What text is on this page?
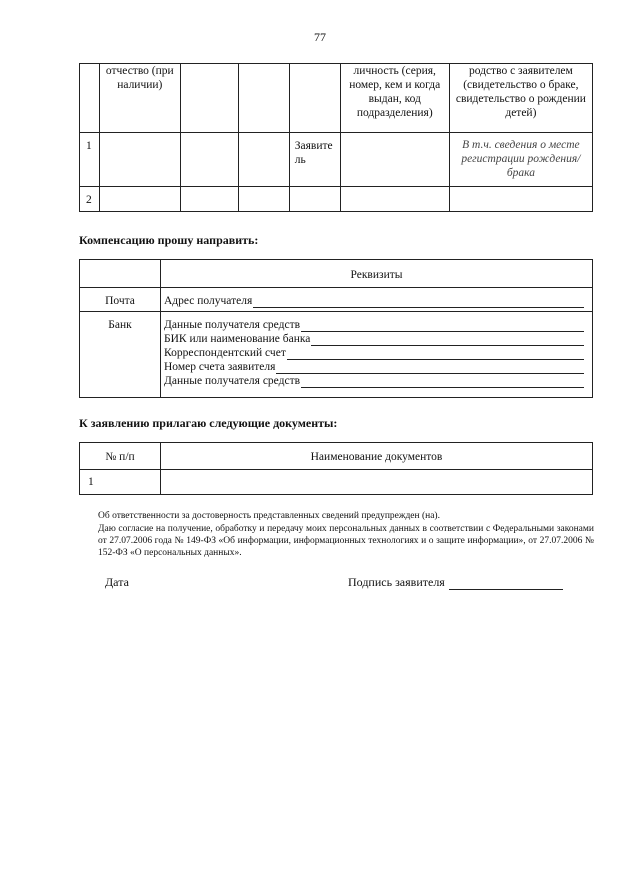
77
	отчество (при наличии)				личность (серия, номер, кем и когда выдан, код подразделения)	родство с заявителем (свидетельство о браке, свидетельство о рождении детей)
1				Заявитель		В т.ч. сведения о месте регистрации рождения/брака
2						
Компенсацию прошу направить:
	Реквизиты
Почта	Адрес получателя

Банк	Данные получателя средств
БИК или наименование банка
Корреспондентский счет
Номер счета заявителя
Данные получателя средств
К заявлению прилагаю следующие документы:
№ п/п	Наименование документов
1	
Об ответственности за достоверность представленных сведений предупрежден (на).
Даю согласие на получение, обработку и передачу моих персональных данных в соответствии с Федеральными законами от 27.07.2006 года № 149-ФЗ «Об информации, информационных технологиях и о защите информации», от 27.07.2006 № 152-ФЗ «О персональных данных».
Дата	Подпись заявителя
